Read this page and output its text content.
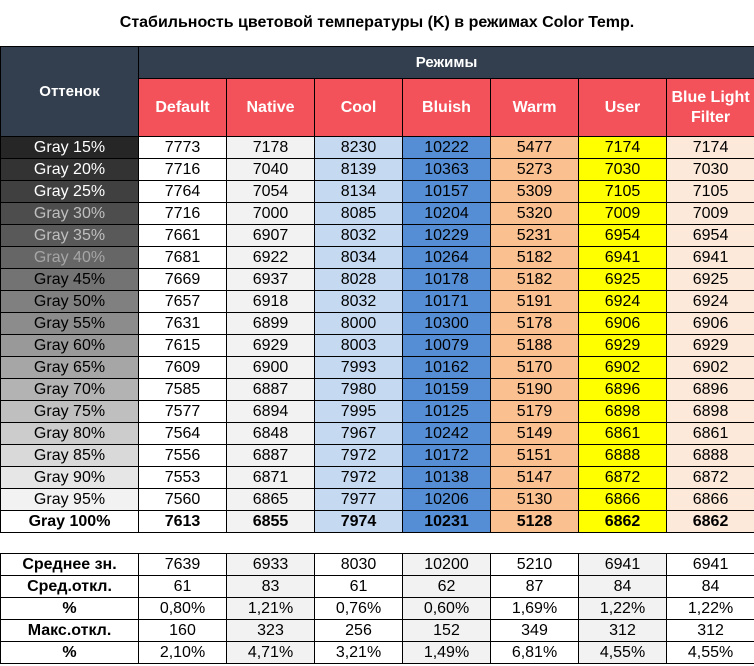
Стабильность цветовой температуры (K) в режимах Color Temp.
Оттенок	Режимы						
	Default	Native	Cool	Bluish	Warm	User	Blue Light Filter
Gray 15%	7773	7178	8230	10222	5477	7174	7174
Gray 20%	7716	7040	8139	10363	5273	7030	7030
Gray 25%	7764	7054	8134	10157	5309	7105	7105
Gray 30%	7716	7000	8085	10204	5320	7009	7009
Gray 35%	7661	6907	8032	10229	5231	6954	6954
Gray 40%	7681	6922	8034	10264	5182	6941	6941
Gray 45%	7669	6937	8028	10178	5182	6925	6925
Gray 50%	7657	6918	8032	10171	5191	6924	6924
Gray 55%	7631	6899	8000	10300	5178	6906	6906
Gray 60%	7615	6929	8003	10079	5188	6929	6929
Gray 65%	7609	6900	7993	10162	5170	6902	6902
Gray 70%	7585	6887	7980	10159	5190	6896	6896
Gray 75%	7577	6894	7995	10125	5179	6898	6898
Gray 80%	7564	6848	7967	10242	5149	6861	6861
Gray 85%	7556	6887	7972	10172	5151	6888	6888
Gray 90%	7553	6871	7972	10138	5147	6872	6872
Gray 95%	7560	6865	7977	10206	5130	6866	6866
Gray 100%	7613	6855	7974	10231	5128	6862	6862

Среднее зн.	7639	6933	8030	10200	5210	6941	6941
Сред.откл.	61	83	61	62	87	84	84
%	0,80%	1,21%	0,76%	0,60%	1,69%	1,22%	1,22%
Макс.откл.	160	323	256	152	349	312	312
%	2,10%	4,71%	3,21%	1,49%	6,81%	4,55%	4,55%
